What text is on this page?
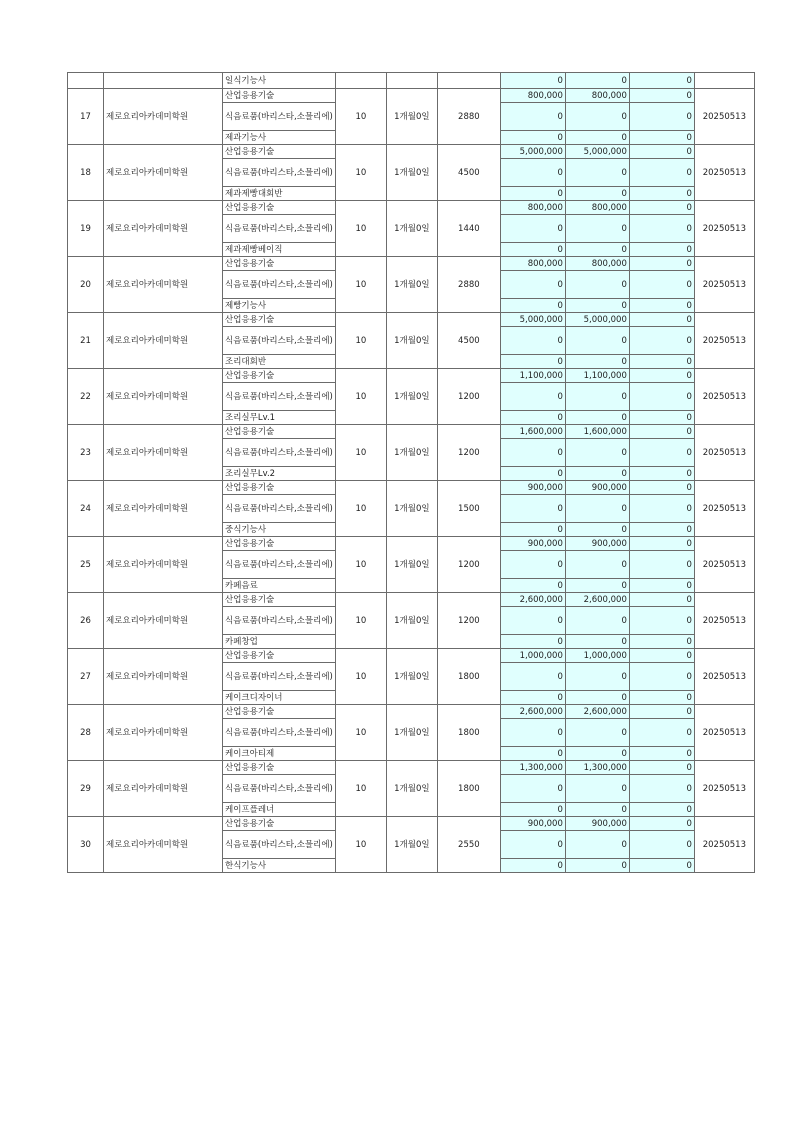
		일식기능사				0	0	0	
17	제로요리아카데미학원	산업응용기술	10	1개월0일	2880	800,000	800,000	0	20250513
		식음료품(바리스타,소믈리에)				0	0	0	
		제과기능사				0	0	0	
18	제로요리아카데미학원	산업응용기술	10	1개월0일	4500	5,000,000	5,000,000	0	20250513
		식음료품(바리스타,소믈리에)				0	0	0	
		제과제빵대회반				0	0	0	
19	제로요리아카데미학원	산업응용기술	10	1개월0일	1440	800,000	800,000	0	20250513
		식음료품(바리스타,소믈리에)				0	0	0	
		제과제빵베이직				0	0	0	
20	제로요리아카데미학원	산업응용기술	10	1개월0일	2880	800,000	800,000	0	20250513
		식음료품(바리스타,소믈리에)				0	0	0	
		제빵기능사				0	0	0	
21	제로요리아카데미학원	산업응용기술	10	1개월0일	4500	5,000,000	5,000,000	0	20250513
		식음료품(바리스타,소믈리에)				0	0	0	
		조리대회반				0	0	0	
22	제로요리아카데미학원	산업응용기술	10	1개월0일	1200	1,100,000	1,100,000	0	20250513
		식음료품(바리스타,소믈리에)				0	0	0	
		조리실무Lv.1				0	0	0	
23	제로요리아카데미학원	산업응용기술	10	1개월0일	1200	1,600,000	1,600,000	0	20250513
		식음료품(바리스타,소믈리에)				0	0	0	
		조리실무Lv.2				0	0	0	
24	제로요리아카데미학원	산업응용기술	10	1개월0일	1500	900,000	900,000	0	20250513
		식음료품(바리스타,소믈리에)				0	0	0	
		중식기능사				0	0	0	
25	제로요리아카데미학원	산업응용기술	10	1개월0일	1200	900,000	900,000	0	20250513
		식음료품(바리스타,소믈리에)				0	0	0	
		카페음료				0	0	0	
26	제로요리아카데미학원	산업응용기술	10	1개월0일	1200	2,600,000	2,600,000	0	20250513
		식음료품(바리스타,소믈리에)				0	0	0	
		카페창업				0	0	0	
27	제로요리아카데미학원	산업응용기술	10	1개월0일	1800	1,000,000	1,000,000	0	20250513
		식음료품(바리스타,소믈리에)				0	0	0	
		케이크디자이너				0	0	0	
28	제로요리아카데미학원	산업응용기술	10	1개월0일	1800	2,600,000	2,600,000	0	20250513
		식음료품(바리스타,소믈리에)				0	0	0	
		케이크아티제				0	0	0	
29	제로요리아카데미학원	산업응용기술	10	1개월0일	1800	1,300,000	1,300,000	0	20250513
		식음료품(바리스타,소믈리에)				0	0	0	
		케이프플레너				0	0	0	
30	제로요리아카데미학원	산업응용기술	10	1개월0일	2550	900,000	900,000	0	20250513
		식음료품(바리스타,소믈리에)				0	0	0	
		한식기능사				0	0	0	
